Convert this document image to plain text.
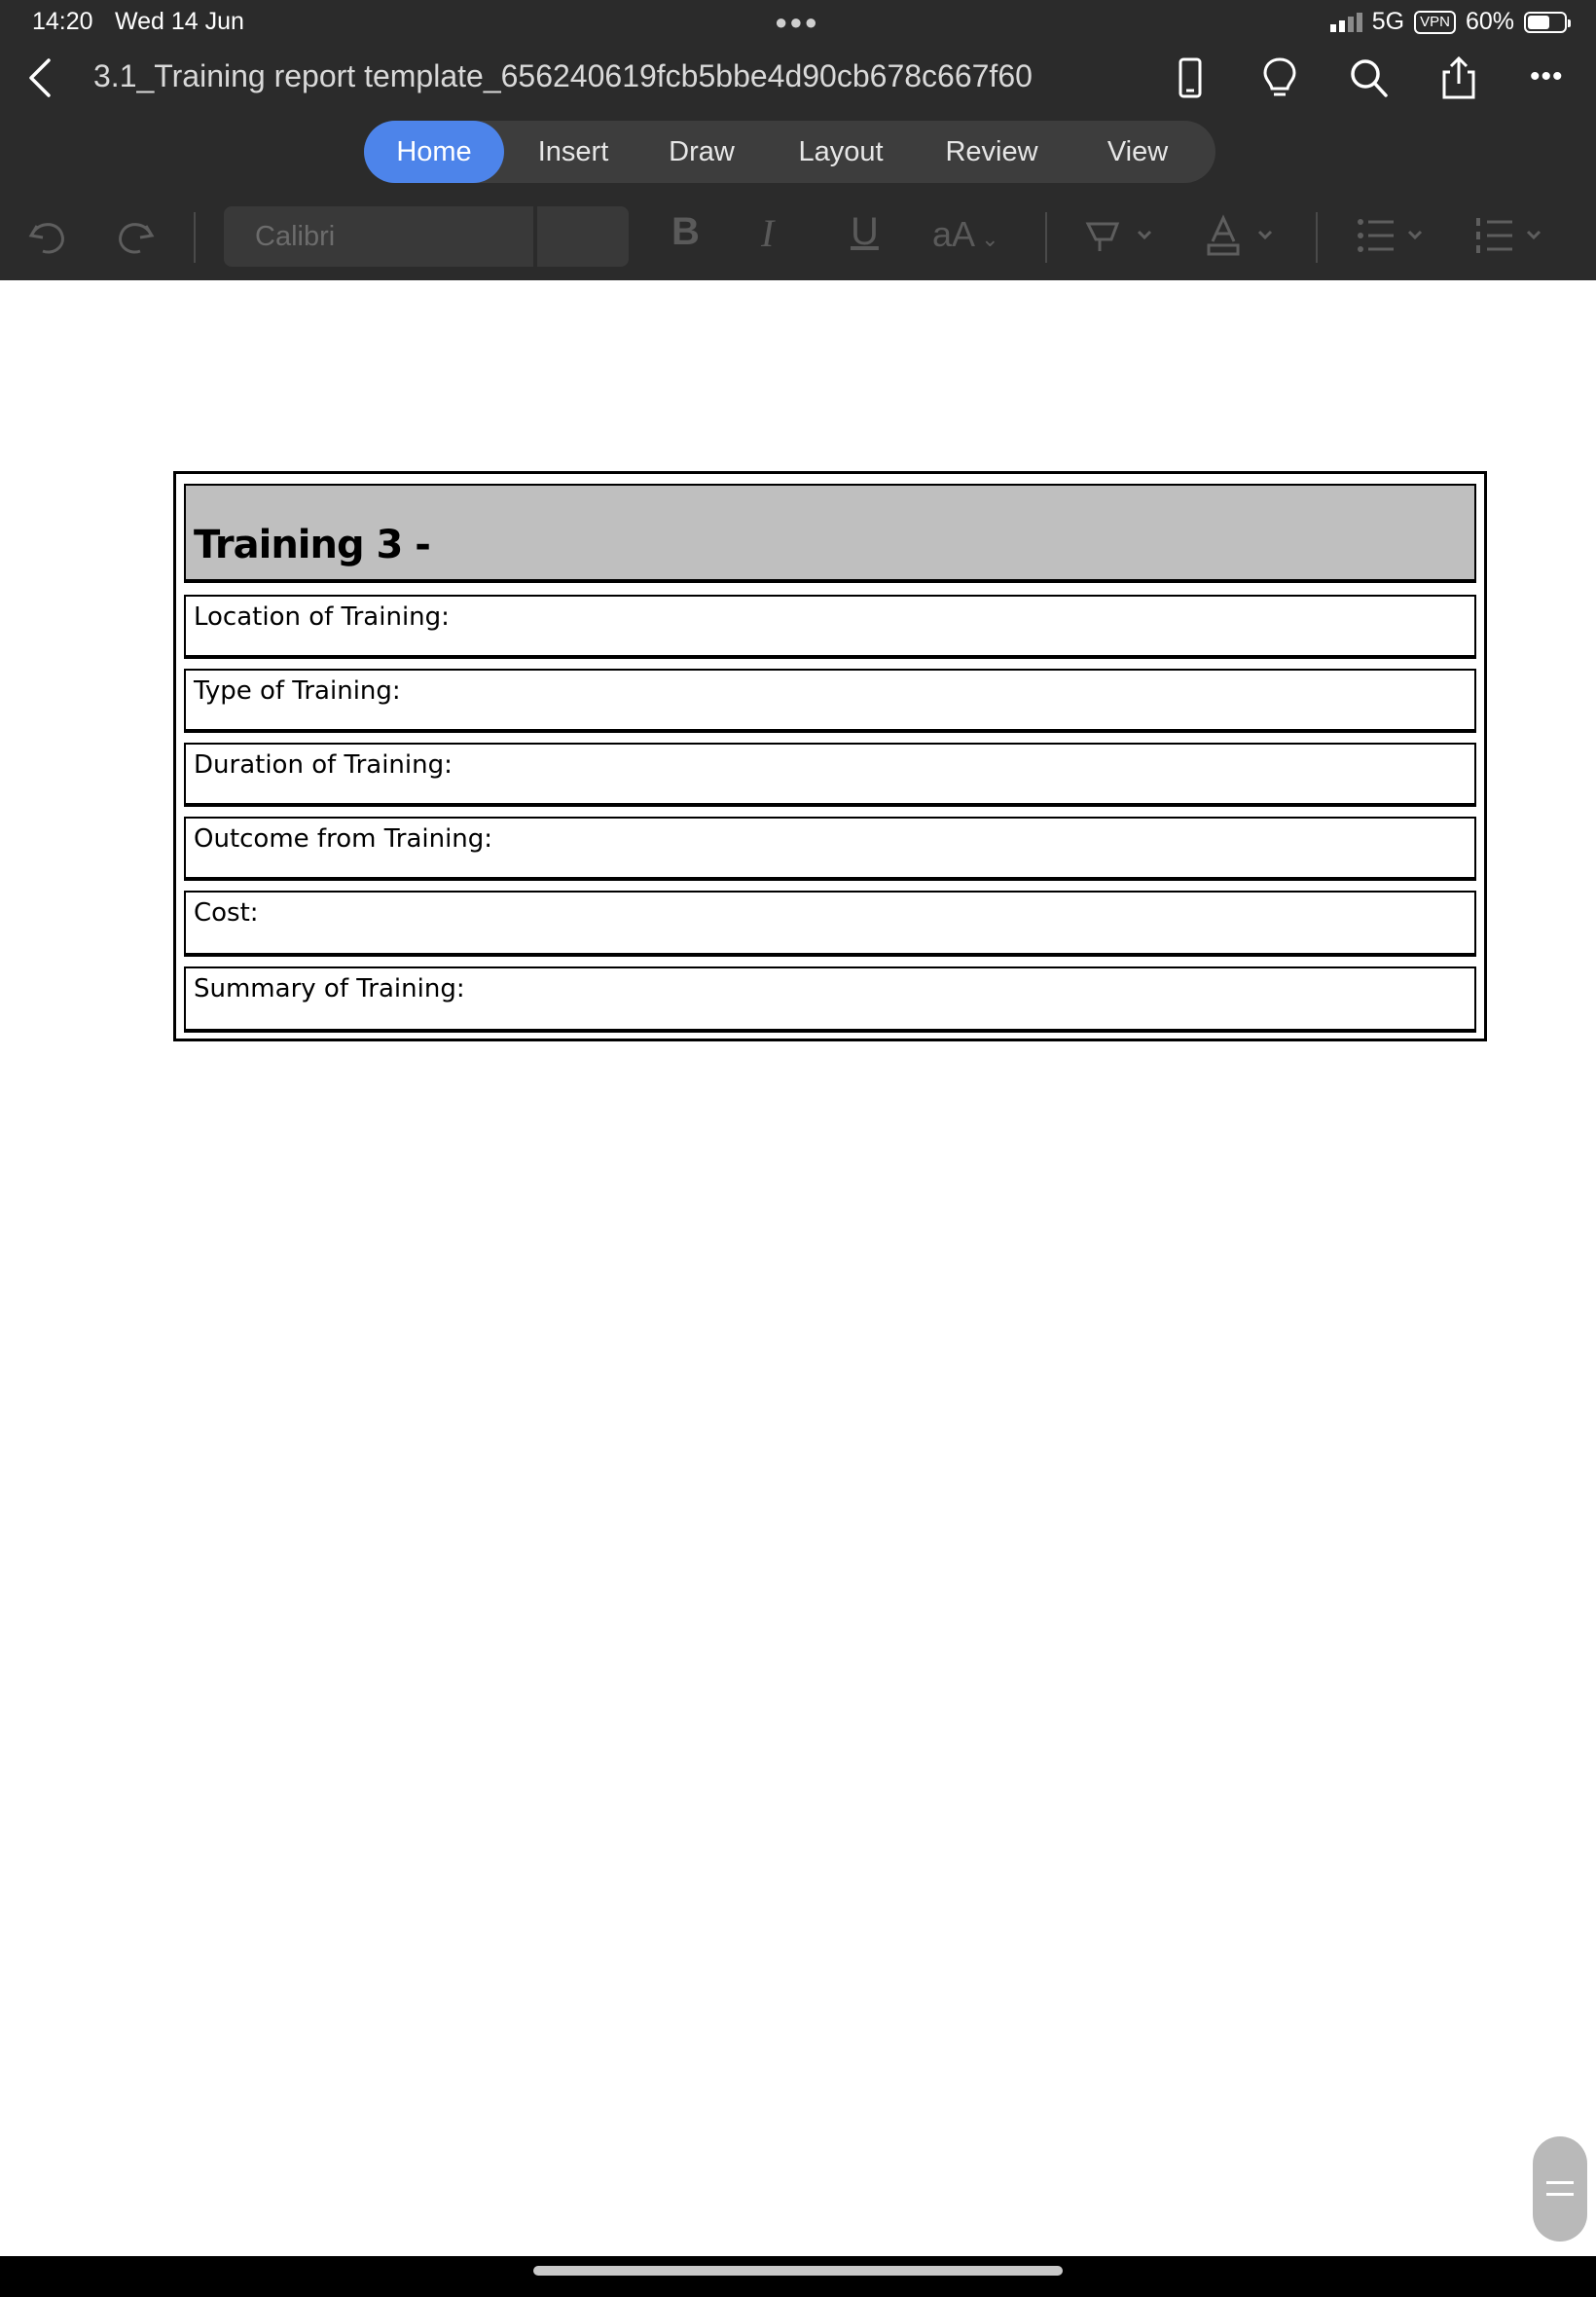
14:20 Wed 14 Jun	●●●	5G	VPN 60%
3.1_Training report template_656240619fcb5bbe4d90cb678c667f60	•••
Home	Insert	Draw	Layout	Review	View
Calibri	B I U aA ⌄
Training 3 -
Location of Training:
Type of Training:
Duration of Training:
Outcome from Training:
Cost:
Summary of Training:
